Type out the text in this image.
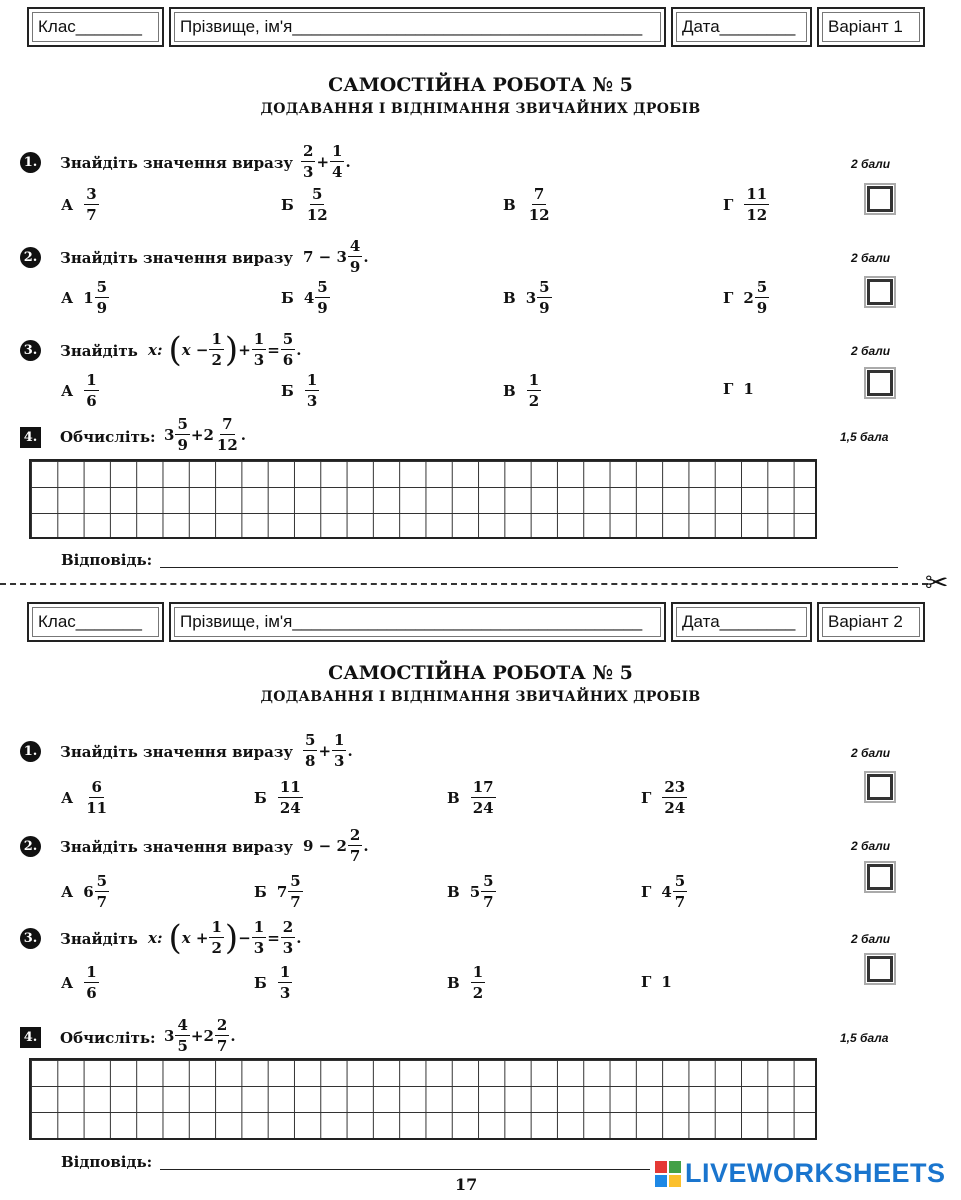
Клас_______ Прізвище, ім'я_____________________________________ Дата________ Варіант 1
САМОСТІЙНА РОБОТА № 5
ДОДАВАННЯ І ВІДНІМАННЯ ЗВИЧАЙНИХ ДРОБІВ
1. Знайдіть значення виразу $\frac{2}{3} + \frac{1}{4}$ .	2 бали
А $\frac{3}{7}$	Б $\frac{5}{12}$	В $\frac{7}{12}$	Г $\frac{11}{12}$
2. Знайдіть значення виразу $7 - 3 \frac{4}{9}$ .	2 бали
А $1 \frac{5}{9}$	Б $4 \frac{5}{9}$	В $3 \frac{5}{9}$	Г $2 \frac{5}{9}$
3. Знайдіть x: ( $x - \frac{1}{2}$ ) + $\frac{1}{3} = \frac{5}{6}$ .	2 бали
А $\frac{1}{6}$	Б $\frac{1}{3}$	В $\frac{1}{2}$	Г 1
4. Обчисліть: $3 \frac{5}{9} + 2 \frac{7}{12}$ .	1,5 бала
Відповідь:
✂
Клас_______ Прізвище, ім'я_____________________________________ Дата________ Варіант 2
САМОСТІЙНА РОБОТА № 5
ДОДАВАННЯ І ВІДНІМАННЯ ЗВИЧАЙНИХ ДРОБІВ
1. Знайдіть значення виразу $\frac{5}{8} + \frac{1}{3}$ .	2 бали
А $\frac{6}{11}$	Б $\frac{11}{24}$	В $\frac{17}{24}$	Г $\frac{23}{24}$
2. Знайдіть значення виразу $9 - 2 \frac{2}{7}$ .	2 бали
А $6 \frac{5}{7}$	Б $7 \frac{5}{7}$	В $5 \frac{5}{7}$	Г $4 \frac{5}{7}$
3. Знайдіть x: ( $x + \frac{1}{2}$ ) − $\frac{1}{3} = \frac{2}{3}$ .	2 бали
А $\frac{1}{6}$	Б $\frac{1}{3}$	В $\frac{1}{2}$	Г 1
4. Обчисліть: $3 \frac{4}{5} + 2 \frac{2}{7}$ .	1,5 бала
Відповідь:
17	LIVEWORKSHEETS
